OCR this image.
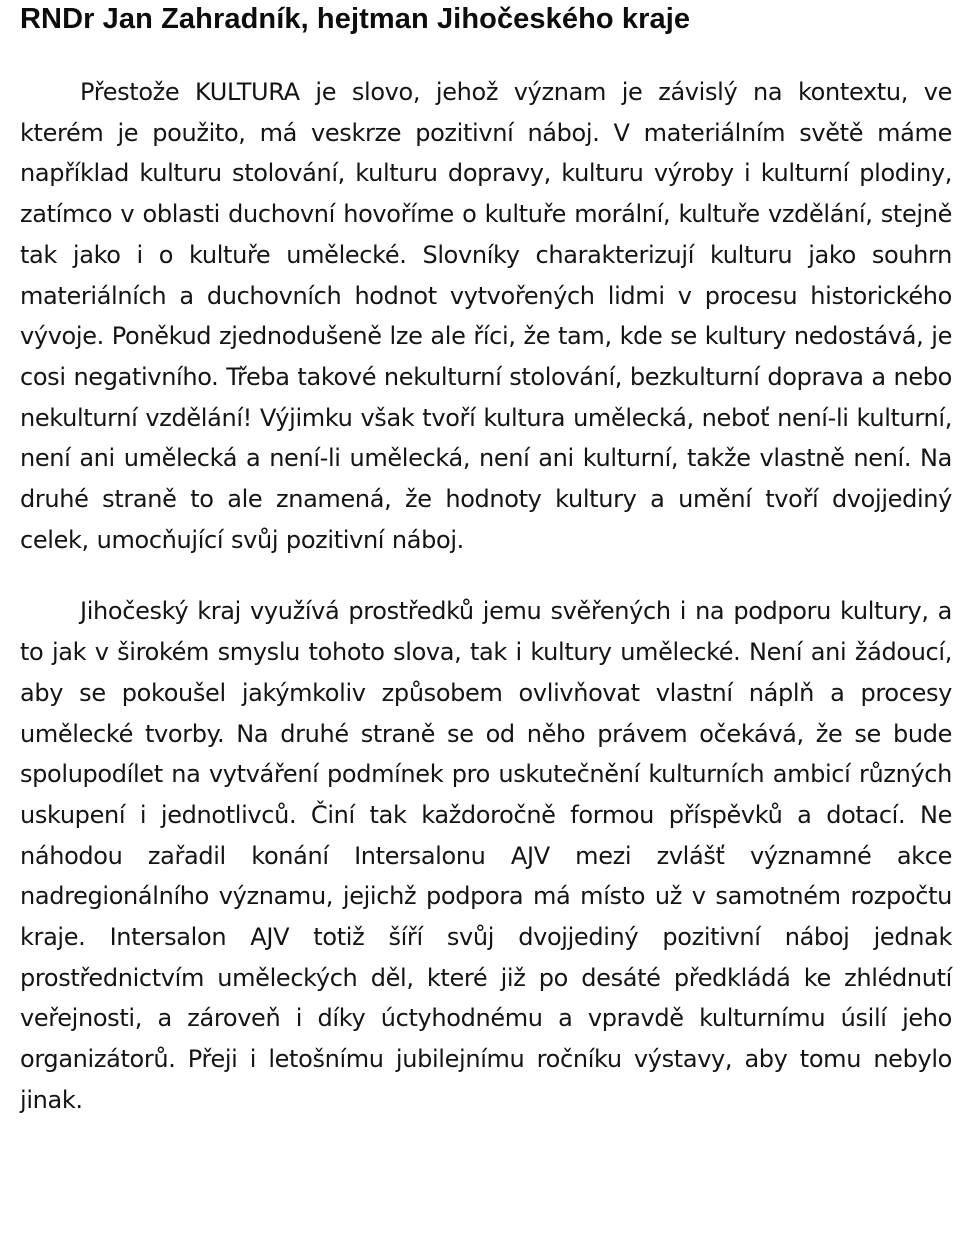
RNDr Jan Zahradník, hejtman Jihočeského kraje

Přestože KULTURA je slovo, jehož význam je závislý na kontextu, ve kterém je použito, má veskrze pozitivní náboj. V materiálním světě máme například kulturu stolování, kulturu dopravy, kulturu výroby i kulturní plodiny, zatímco v oblasti duchovní hovoříme o kultuře morální, kultuře vzdělání, stejně tak jako i o kultuře umělecké. Slovníky charakterizují kulturu jako souhrn materiálních a duchovních hodnot vytvořených lidmi v procesu historického vývoje. Poněkud zjednodušeně lze ale říci, že tam, kde se kultury nedostává, je cosi negativního. Třeba takové nekulturní stolování, bezkulturní doprava a nebo nekulturní vzdělání! Výjimku však tvoří kultura umělecká, neboť není-li kulturní, není ani umělecká a není-li umělecká, není ani kulturní, takže vlastně není. Na druhé straně to ale znamená, že hodnoty kultury a umění tvoří dvojjediný celek, umocňující svůj pozitivní náboj.

Jihočeský kraj využívá prostředků jemu svěřených i na podporu kultury, a to jak v širokém smyslu tohoto slova, tak i kultury umělecké. Není ani žádoucí, aby se pokoušel jakýmkoliv způsobem ovlivňovat vlastní náplň a procesy umělecké tvorby. Na druhé straně se od něho právem očekává, že se bude spolupodílet na vytváření podmínek pro uskutečnění kulturních ambicí různých uskupení i jednotlivců. Činí tak každoročně formou příspěvků a dotací. Ne náhodou zařadil konání Intersalonu AJV mezi zvlášť významné akce nadregionálního významu, jejichž podpora má místo už v samotném rozpočtu kraje. Intersalon AJV totiž šíří svůj dvojjediný pozitivní náboj jednak prostřednictvím uměleckých děl, které již po desáté předkládá ke zhlédnutí veřejnosti, a zároveň i díky úctyhodnému a vpravdě kulturnímu úsilí jeho organizátorů. Přeji i letošnímu jubilejnímu ročníku výstavy, aby tomu nebylo jinak.
